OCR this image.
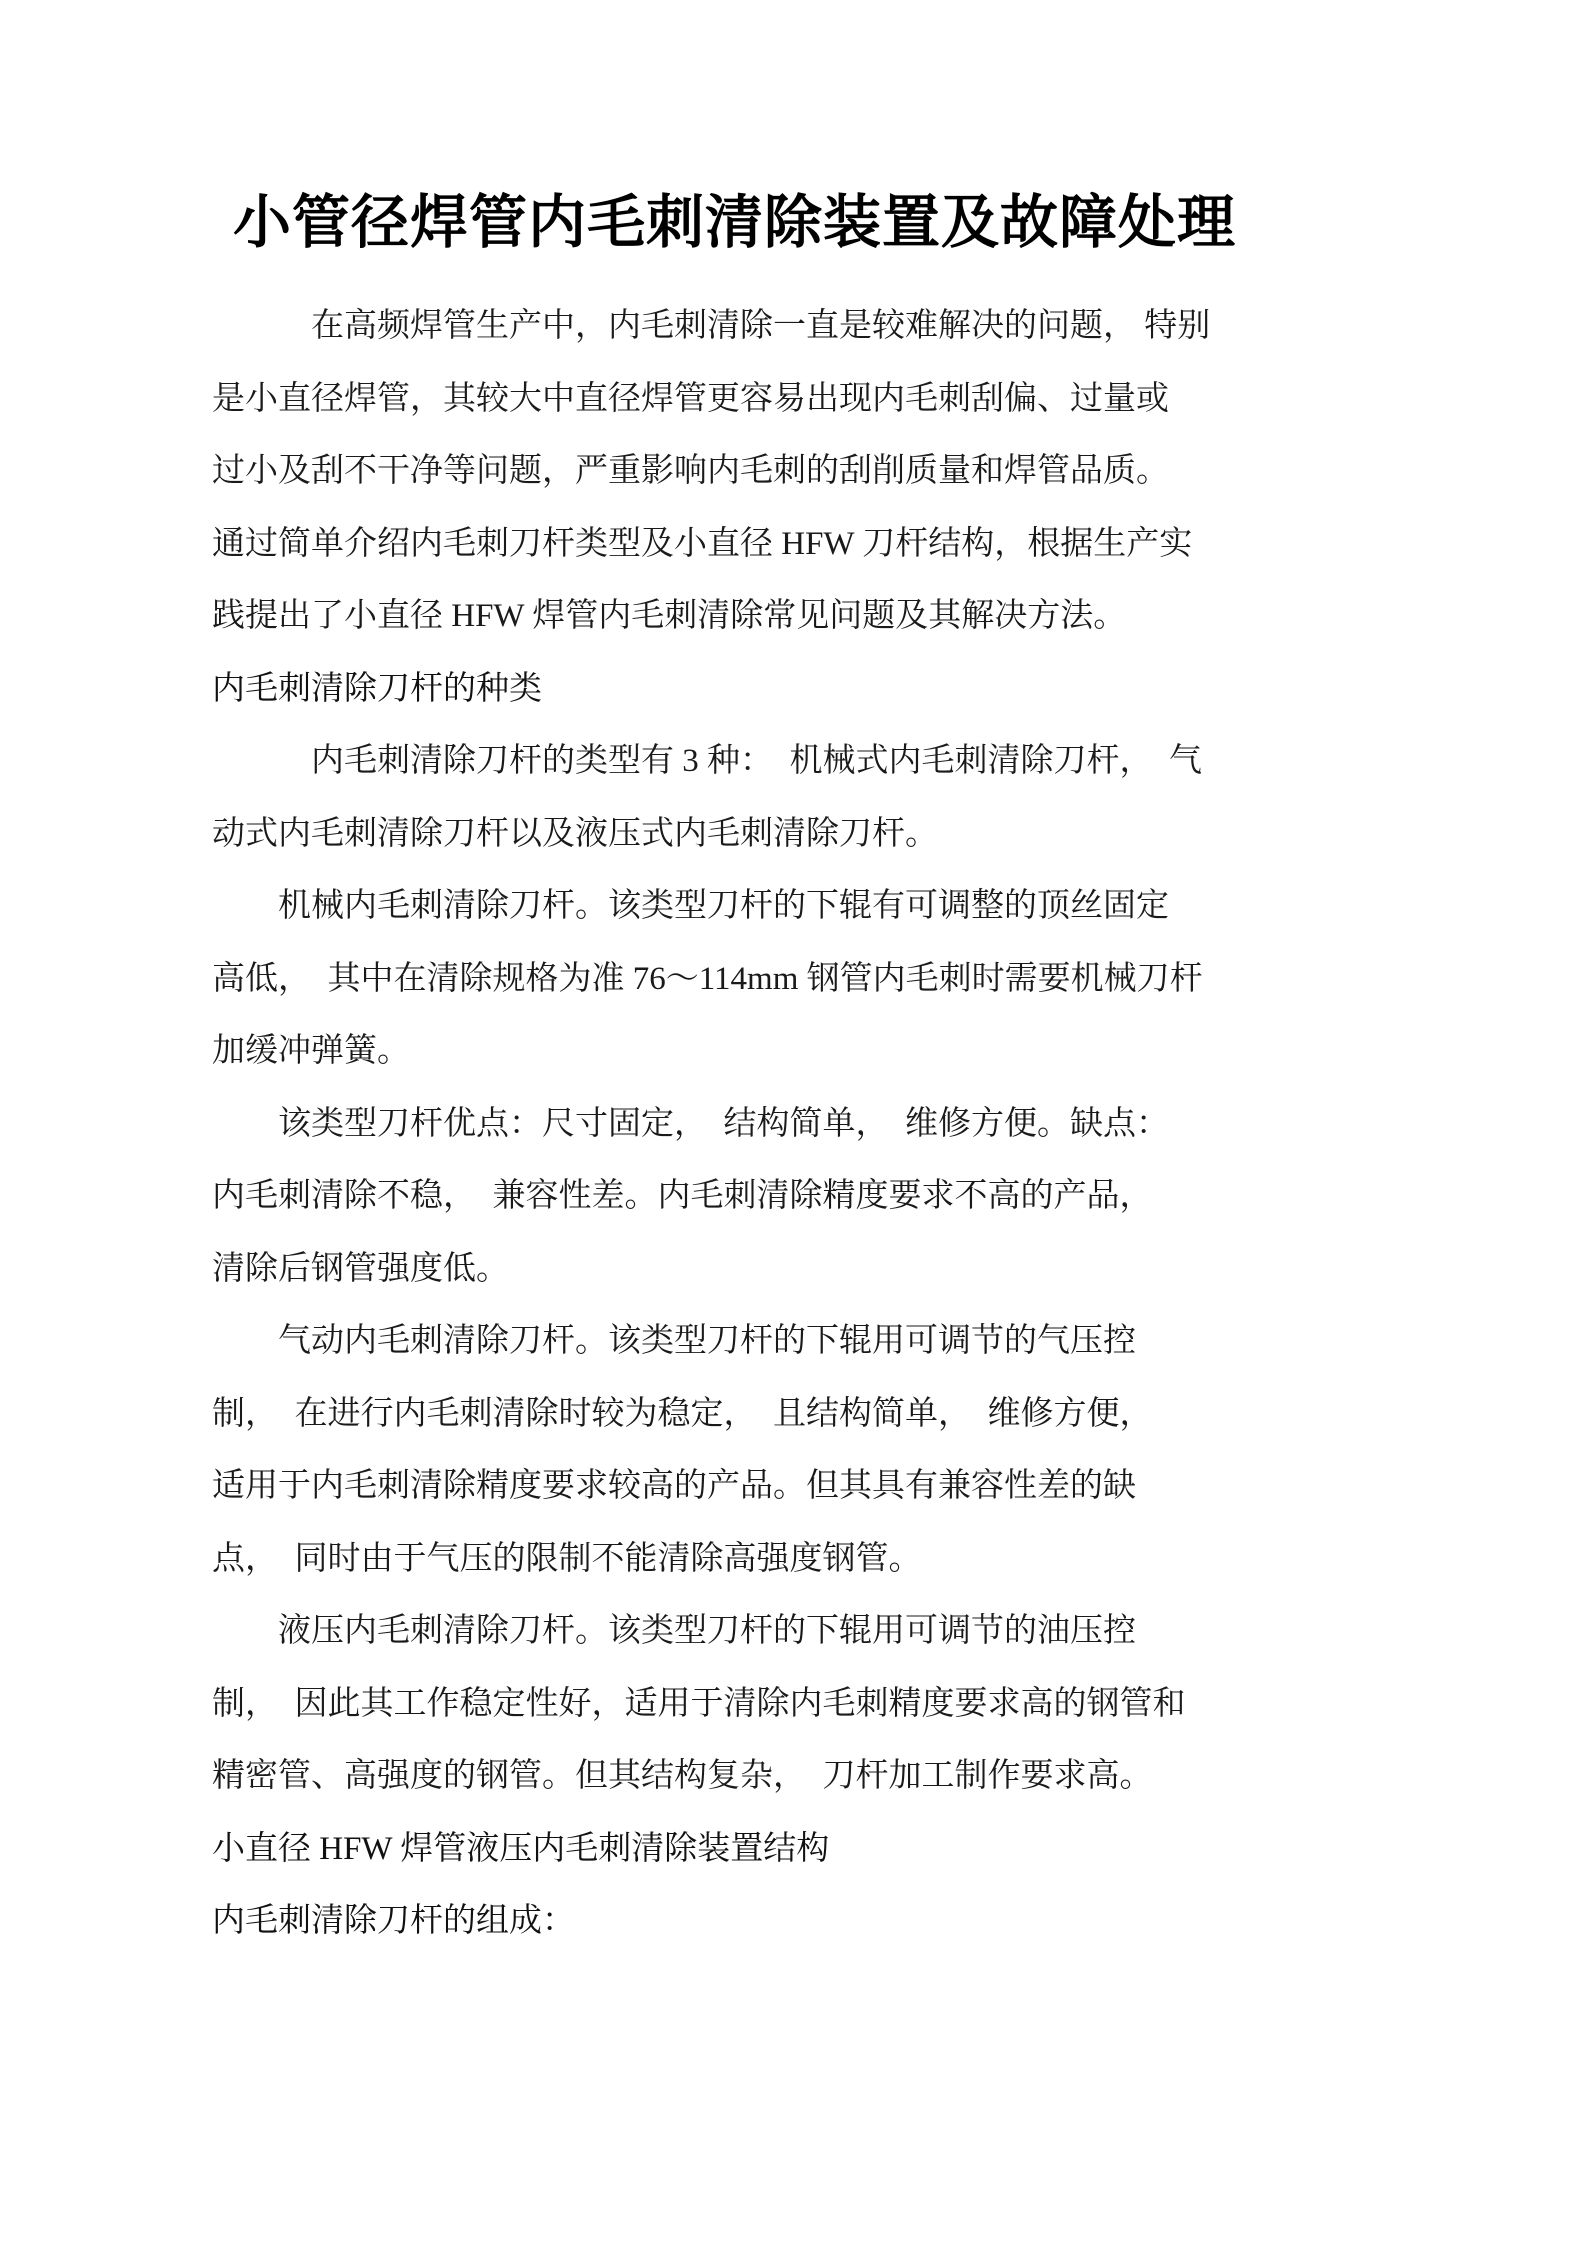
小管径焊管内毛刺清除装置及故障处理
　　　在高频焊管生产中，内毛刺清除一直是较难解决的问题， 特别
是小直径焊管，其较大中直径焊管更容易出现内毛刺刮偏、过量或
过小及刮不干净等问题，严重影响内毛刺的刮削质量和焊管品质。
通过简单介绍内毛刺刀杆类型及小直径 HFW 刀杆结构，根据生产实
践提出了小直径 HFW 焊管内毛刺清除常见问题及其解决方法。
内毛刺清除刀杆的种类
　　　内毛刺清除刀杆的类型有 3 种：　机械式内毛刺清除刀杆，　气
动式内毛刺清除刀杆以及液压式内毛刺清除刀杆。
　　机械内毛刺清除刀杆。该类型刀杆的下辊有可调整的顶丝固定
高低，　其中在清除规格为准 76～114mm 钢管内毛刺时需要机械刀杆
加缓冲弹簧。
　　该类型刀杆优点：尺寸固定，　结构简单，　维修方便。缺点：
内毛刺清除不稳，　兼容性差。内毛刺清除精度要求不高的产品，
清除后钢管强度低。
　　气动内毛刺清除刀杆。该类型刀杆的下辊用可调节的气压控
制，　在进行内毛刺清除时较为稳定，　且结构简单，　维修方便，
适用于内毛刺清除精度要求较高的产品。但其具有兼容性差的缺
点，　同时由于气压的限制不能清除高强度钢管。
　　液压内毛刺清除刀杆。该类型刀杆的下辊用可调节的油压控
制，　因此其工作稳定性好，适用于清除内毛刺精度要求高的钢管和
精密管、高强度的钢管。但其结构复杂，　刀杆加工制作要求高。
小直径 HFW 焊管液压内毛刺清除装置结构
内毛刺清除刀杆的组成：
